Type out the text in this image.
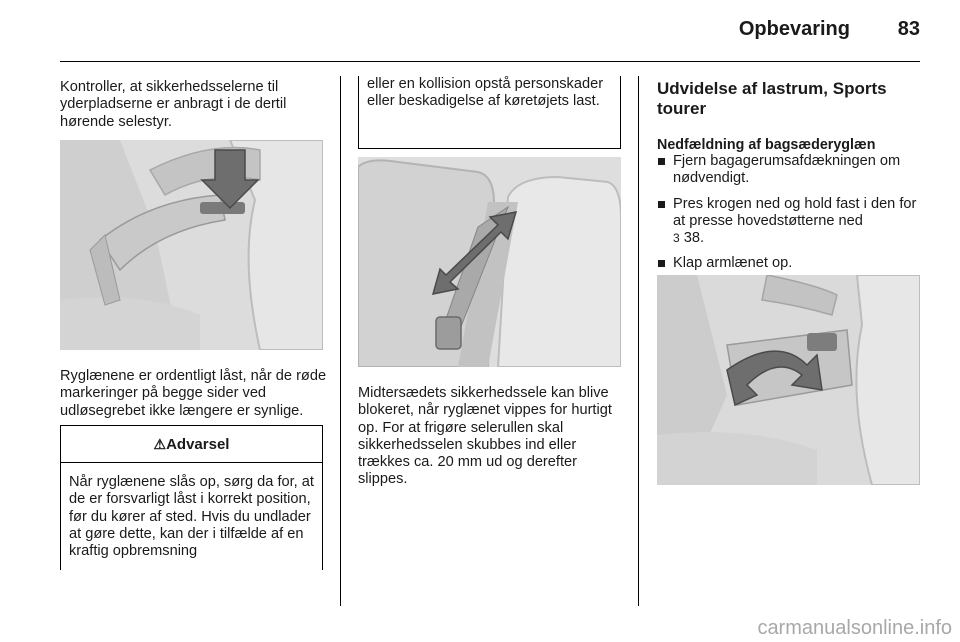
Opbevaring	83

Kontroller, at sikkerhedsselerne til yderpladserne er anbragt i de dertil hørende selestyr.

Ryglænene er ordentligt låst, når de røde markeringer på begge sider ved udløsegrebet ikke længere er synlige.

⚠Advarsel

Når ryglænene slås op, sørg da for, at de er forsvarligt låst i korrekt position, før du kører af sted. Hvis du undlader at gøre dette, kan der i tilfælde af en kraftig opbremsning

eller en kollision opstå personskader eller beskadigelse af køretøjets last.

Midtersædets sikkerhedssele kan blive blokeret, når ryglænet vippes for hurtigt op. For at frigøre selerullen skal sikkerhedsselen skubbes ind eller trækkes ca. 20 mm ud og derefter slippes.

Udvidelse af lastrum, Sports tourer
Nedfældning af bagsæderyglæn
Fjern bagagerumsafdækningen om nødvendigt.
Pres krogen ned og hold fast i den for at presse hovedstøtterne ned
3 38.
Klap armlænet op.
carmanualsonline.info
